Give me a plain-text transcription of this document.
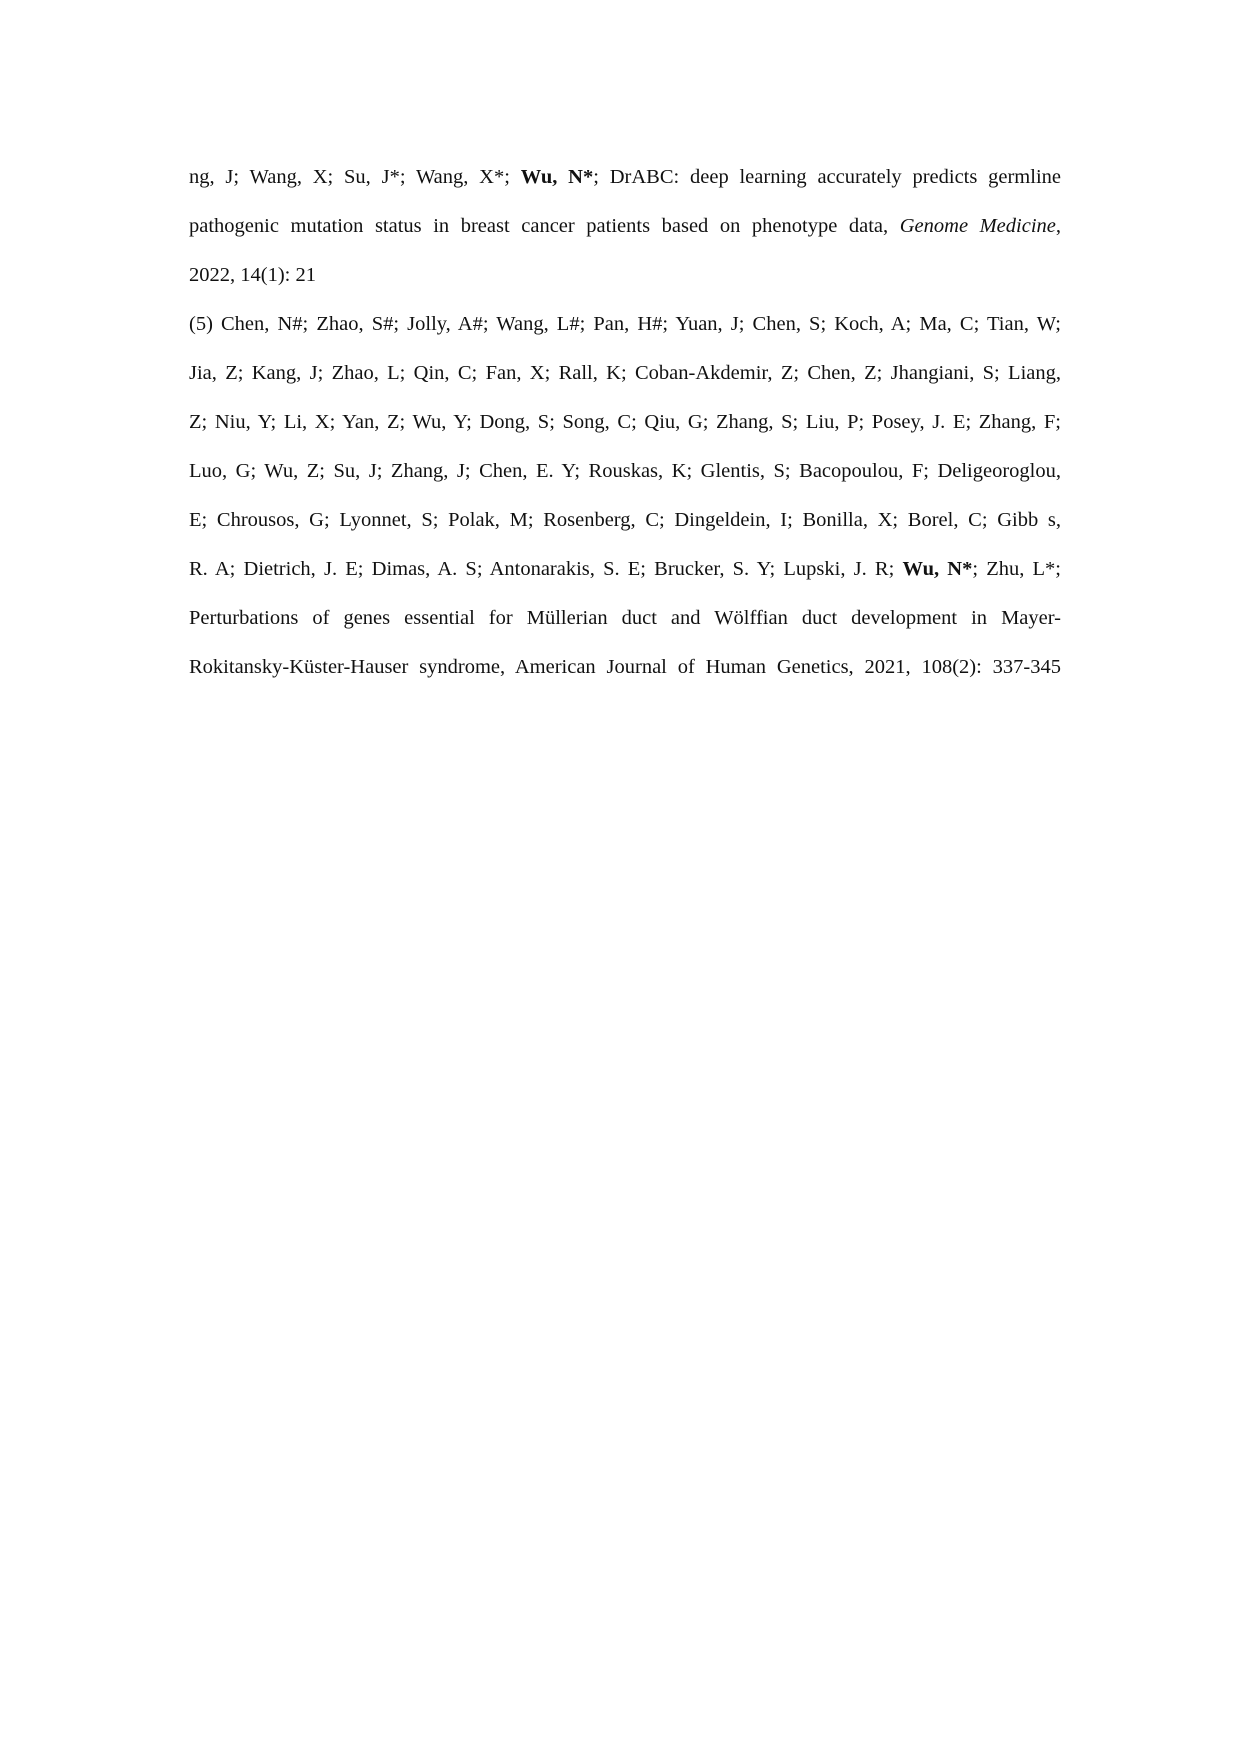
ng, J; Wang, X; Su, J*; Wang, X*; Wu, N*; DrABC: deep learning accurately predicts germline
pathogenic mutation status in breast cancer patients based on phenotype data, Genome Medicine,
2022, 14(1): 21
(5) Chen, N#; Zhao, S#; Jolly, A#; Wang, L#; Pan, H#; Yuan, J; Chen, S; Koch, A; Ma, C; Tian, W;
Jia, Z; Kang, J; Zhao, L; Qin, C; Fan, X; Rall, K; Coban-Akdemir, Z; Chen, Z; Jhangiani, S; Liang,
Z; Niu, Y; Li, X; Yan, Z; Wu, Y; Dong, S; Song, C; Qiu, G; Zhang, S; Liu, P; Posey, J. E; Zhang, F;
Luo, G; Wu, Z; Su, J; Zhang, J; Chen, E. Y; Rouskas, K; Glentis, S; Bacopoulou, F; Deligeoroglou,
E; Chrousos, G; Lyonnet, S; Polak, M; Rosenberg, C; Dingeldein, I; Bonilla, X; Borel, C; Gibb s,
R. A; Dietrich, J. E; Dimas, A. S; Antonarakis, S. E; Brucker, S. Y; Lupski, J. R; Wu, N*; Zhu, L*;
Perturbations of genes essential for Müllerian duct and Wölffian duct development in Mayer-
Rokitansky-Küster-Hauser syndrome, American Journal of Human Genetics, 2021, 108(2): 337-345
